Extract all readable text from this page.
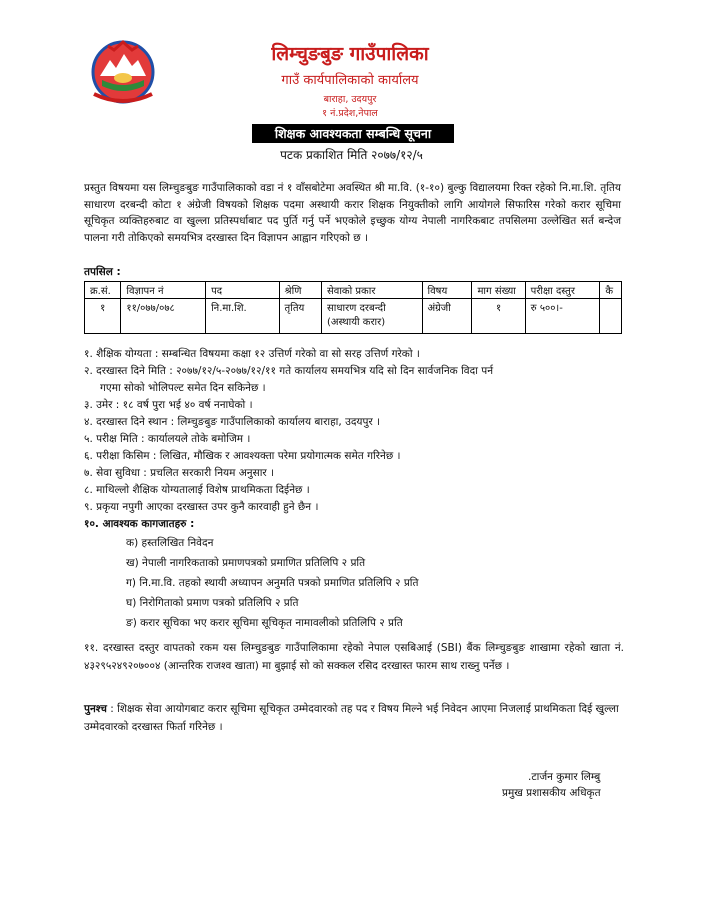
लिम्चुङबुङ गाउँपालिका
गाउँ कार्यपालिकाको कार्यालय
बाराहा, उदयपुर
१ नं.प्रदेश,नेपाल
शिक्षक आवश्यकता सम्बन्धि सूचना
पटक प्रकाशित मिति २०७७/१२/५

प्रस्तुत विषयमा यस लिम्चुङबुङ गाउँपालिकाको वडा नं १ वाँसबोटेमा अवस्थित श्री मा.वि. (१-१०) बुल्कु विद्यालयमा रिक्त रहेको नि.मा.शि. तृतिय साधारण दरबन्दी कोटा १ अंग्रेजी विषयको शिक्षक पदमा अस्थायी करार शिक्षक नियुक्तीको लागि आयोगले सिफारिस गरेको करार सूचिमा सूचिकृत व्यक्तिहरुबाट वा खुल्ला प्रतिस्पर्धाबाट पद पुर्ति गर्नु पर्ने भएकोले इच्छुक योग्य नेपाली नागरिकबाट तपसिलमा उल्लेखित सर्त बन्देज पालना गरी तोकिएको समयभित्र दरखास्त दिन विज्ञापन आह्वान गरिएको छ ।

तपसिल :
क्र.सं.	विज्ञापन नं	पद	श्रेणि	सेवाको प्रकार	विषय	माग संख्या	परीक्षा दस्तुर	कै
१	११/०७७/०७८	नि.मा.शि.	तृतिय	साधारण दरबन्दी (अस्थायी करार)	अंग्रेजी	१	रु ५००।-	
१. शैक्षिक योग्यता : सम्बन्धित विषयमा कक्षा १२ उत्तिर्ण गरेको वा सो सरह उत्तिर्ण गरेको ।
२. दरखास्त दिने मिति : २०७७/१२/५-२०७७/१२/११ गते कार्यालय समयभित्र यदि सो दिन सार्वजनिक विदा पर्न
गएमा सोको भोलिपल्ट समेत दिन सकिनेछ ।
३. उमेर : १८ वर्ष पुरा भई ४० वर्ष ननाघेको ।
४. दरखास्त दिने स्थान : लिम्चुङबुङ गाउँपालिकाको कार्यालय बाराहा, उदयपुर ।
५. परीक्ष मिति : कार्यालयले तोके बमोजिम ।
६. परीक्षा किसिम : लिखित, मौखिक र आवश्यक्ता परेमा प्रयोगात्मक समेत गरिनेछ ।
७. सेवा सुविधा : प्रचलित सरकारी नियम अनुसार ।
८. माथिल्लो शैक्षिक योग्यतालाई विशेष प्राथमिकता दिईनेछ ।
९. प्रकृया नपुगी आएका दरखास्त उपर कुनै कारवाही हुने छैन ।
१०. आवश्यक कागजातहरु :
क) हस्तलिखित निवेदन
ख) नेपाली नागरिकताको प्रमाणपत्रको प्रमाणित प्रतिलिपि २ प्रति
ग) नि.मा.वि. तहको स्थायी अध्यापन अनुमति पत्रको प्रमाणित प्रतिलिपि २ प्रति
घ) निरोगिताको प्रमाण पत्रको प्रतिलिपि २ प्रति
ङ) करार सूचिका भए करार सूचिमा सूचिकृत नामावलीको प्रतिलिपि २ प्रति
११. दरखास्त दस्तुर वापतको रकम यस लिम्चुङबुङ गाउँपालिकामा रहेको नेपाल एसबिआई (SBI) बैंक लिम्चुङबुङ शाखामा रहेको खाता नं. ४३२९५२४९२०७००४ (आन्तरिक राजश्व खाता) मा बुझाई सो को सक्कल रसिद दरखास्त फारम साथ राख्नु पर्नेछ ।

पुनश्च : शिक्षक सेवा आयोगबाट करार सूचिमा सूचिकृत उम्मेदवारको तह पद र विषय मिल्ने भई निवेदन आएमा निजलाई प्राथमिकता दिई खुल्ला उम्मेदवारको दरखास्त फिर्ता गरिनेछ ।

.टार्जन कुमार लिम्बु
प्रमुख प्रशासकीय अधिकृत
